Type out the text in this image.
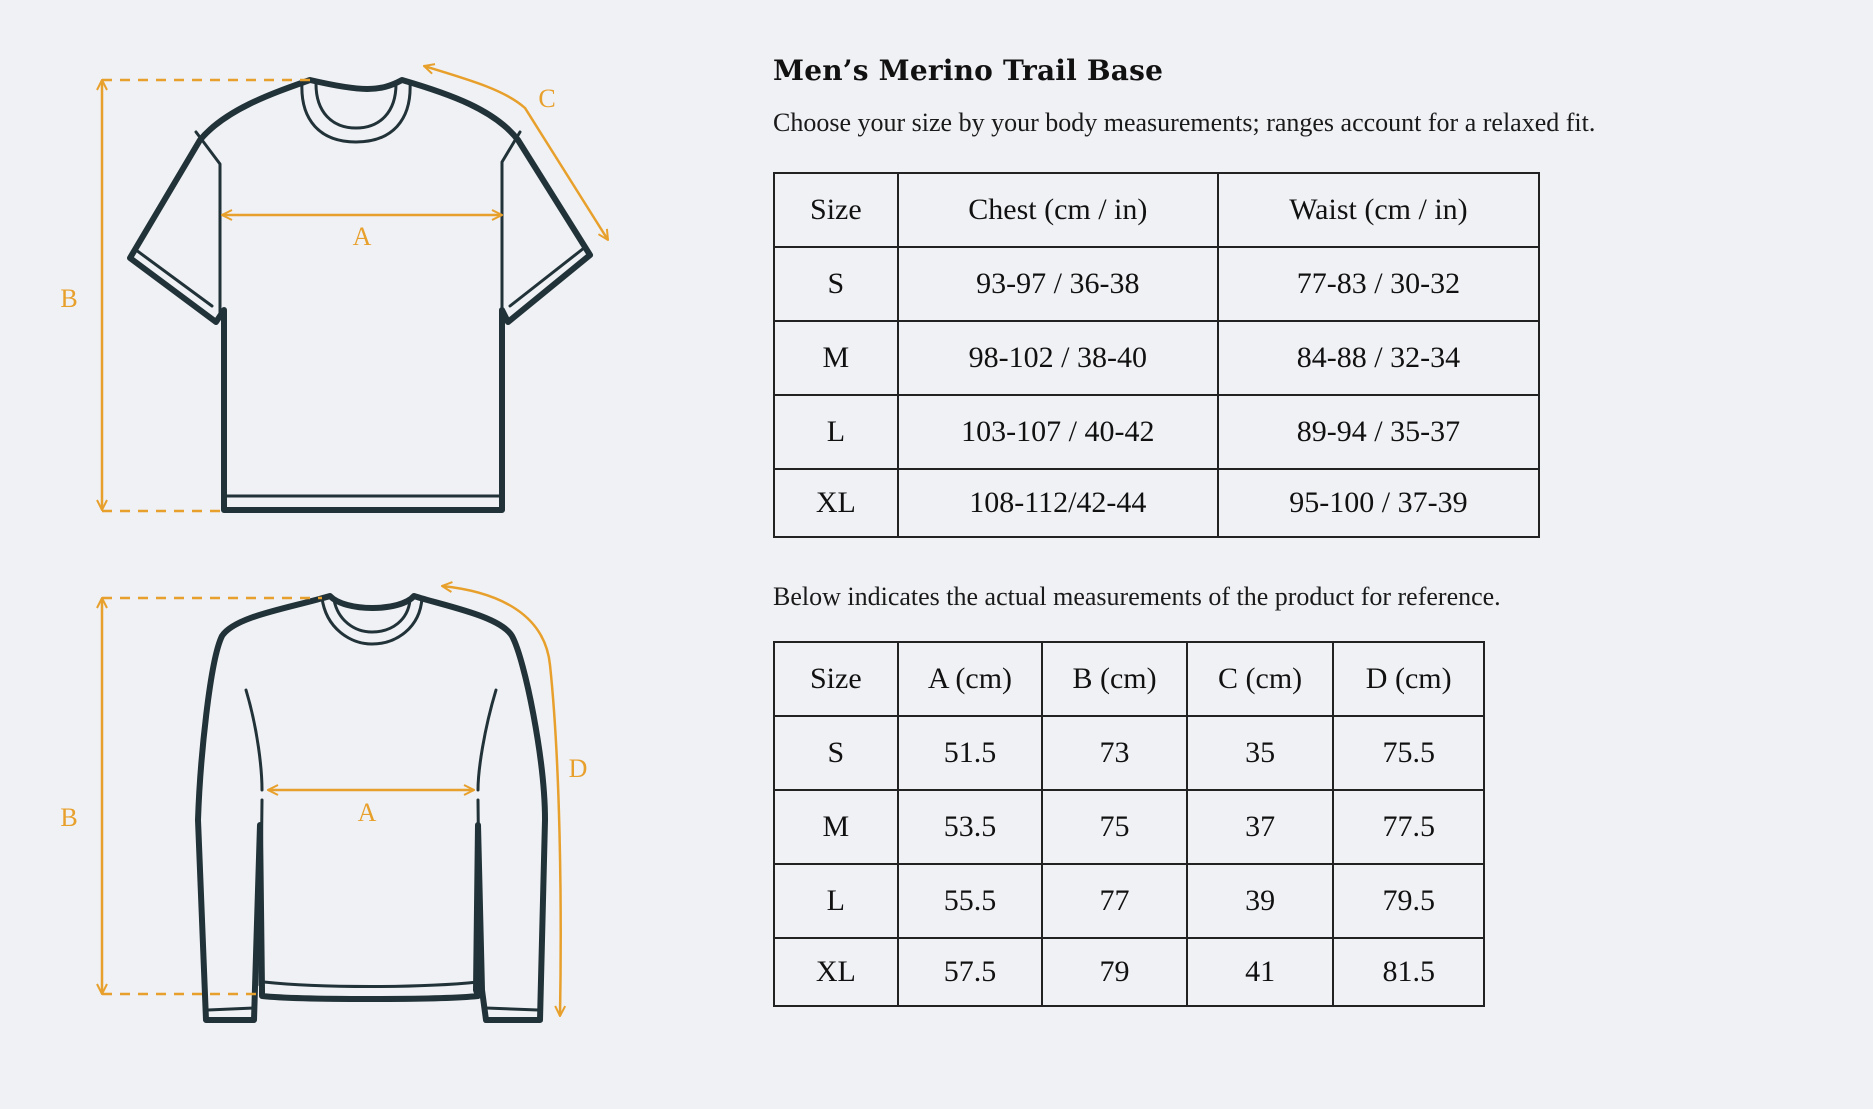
B
A
C
B	A
D
Men’s Merino Trail Base
Choose your size by your body measurements; ranges account for a relaxed fit.
Size	Chest (cm / in)	Waist (cm / in)
S	93-97 / 36-38	77-83 / 30-32
M	98-102 / 38-40	84-88 / 32-34
L	103-107 / 40-42	89-94 / 35-37
XL	108-112/42-44	95-100 / 37-39
Below indicates the actual measurements of the product for reference.
Size	A (cm)	B (cm)	C (cm)	D (cm)
S	51.5	73	35	75.5
M	53.5	75	37	77.5
L	55.5	77	39	79.5
XL	57.5	79	41	81.5
